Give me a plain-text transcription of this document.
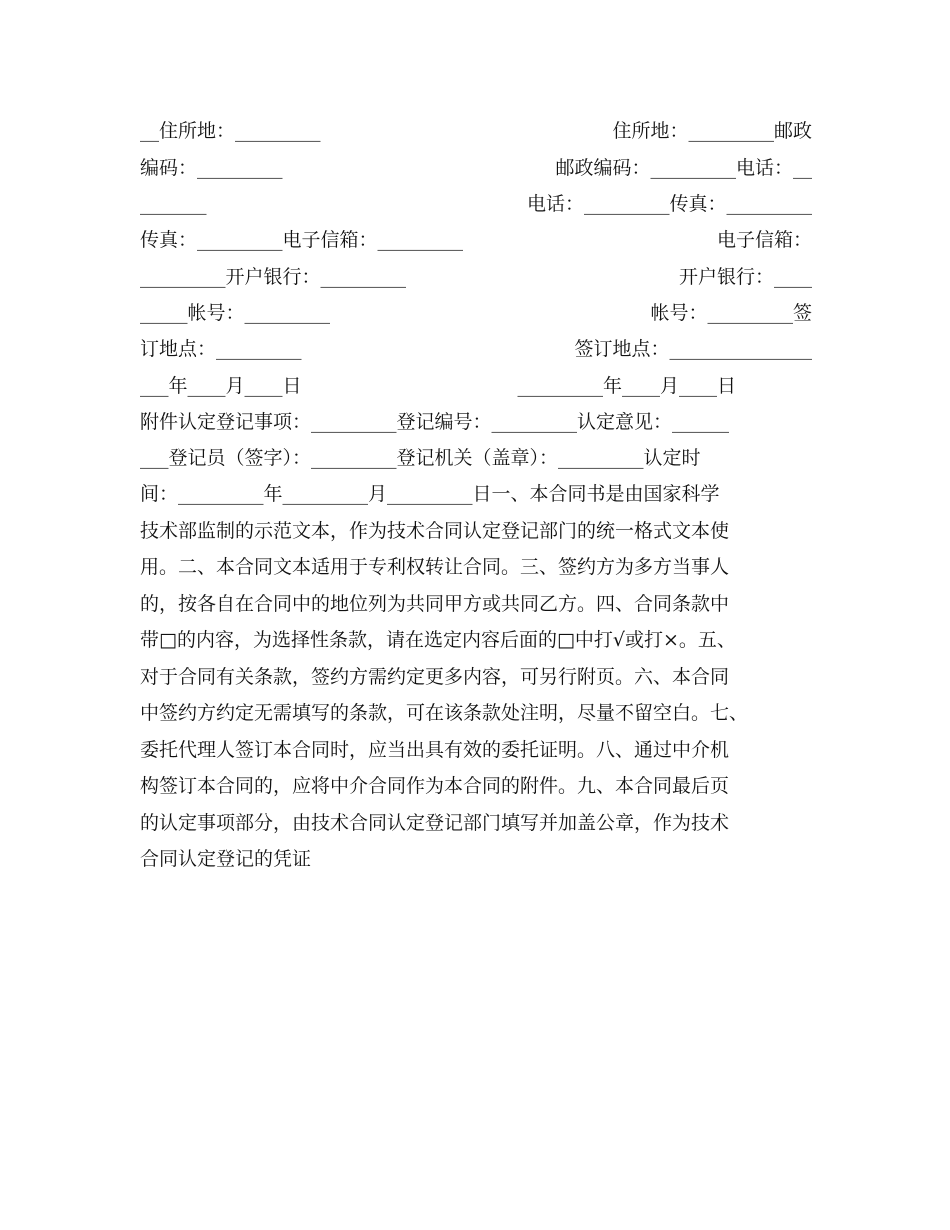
__住所地：_________	住所地：_________邮政
编码：_________	邮政编码：_________电话：__
_______	电话：_________传真：_________
传真：_________电子信箱：_________	电子信箱：
_________开户银行：_________	开户银行：____
_____帐号：_________	帐号：_________签
订地点：_________	签订地点：_______________
___年____月____日	_________年____月____日
附件认定登记事项：_________登记编号：_________认定意见：______
___登记员（签字）：_________登记机关（盖章）：_________认定时
间：_________年_________月_________日一、本合同书是由国家科学
技术部监制的示范文本，作为技术合同认定登记部门的统一格式文本使
用。二、本合同文本适用于专利权转让合同。三、签约方为多方当事人
的，按各自在合同中的地位列为共同甲方或共同乙方。四、合同条款中
带□的内容，为选择性条款，请在选定内容后面的□中打√或打×。五、
对于合同有关条款，签约方需约定更多内容，可另行附页。六、本合同
中签约方约定无需填写的条款，可在该条款处注明，尽量不留空白。七、
委托代理人签订本合同时，应当出具有效的委托证明。八、通过中介机
构签订本合同的，应将中介合同作为本合同的附件。九、本合同最后页
的认定事项部分，由技术合同认定登记部门填写并加盖公章，作为技术
合同认定登记的凭证
